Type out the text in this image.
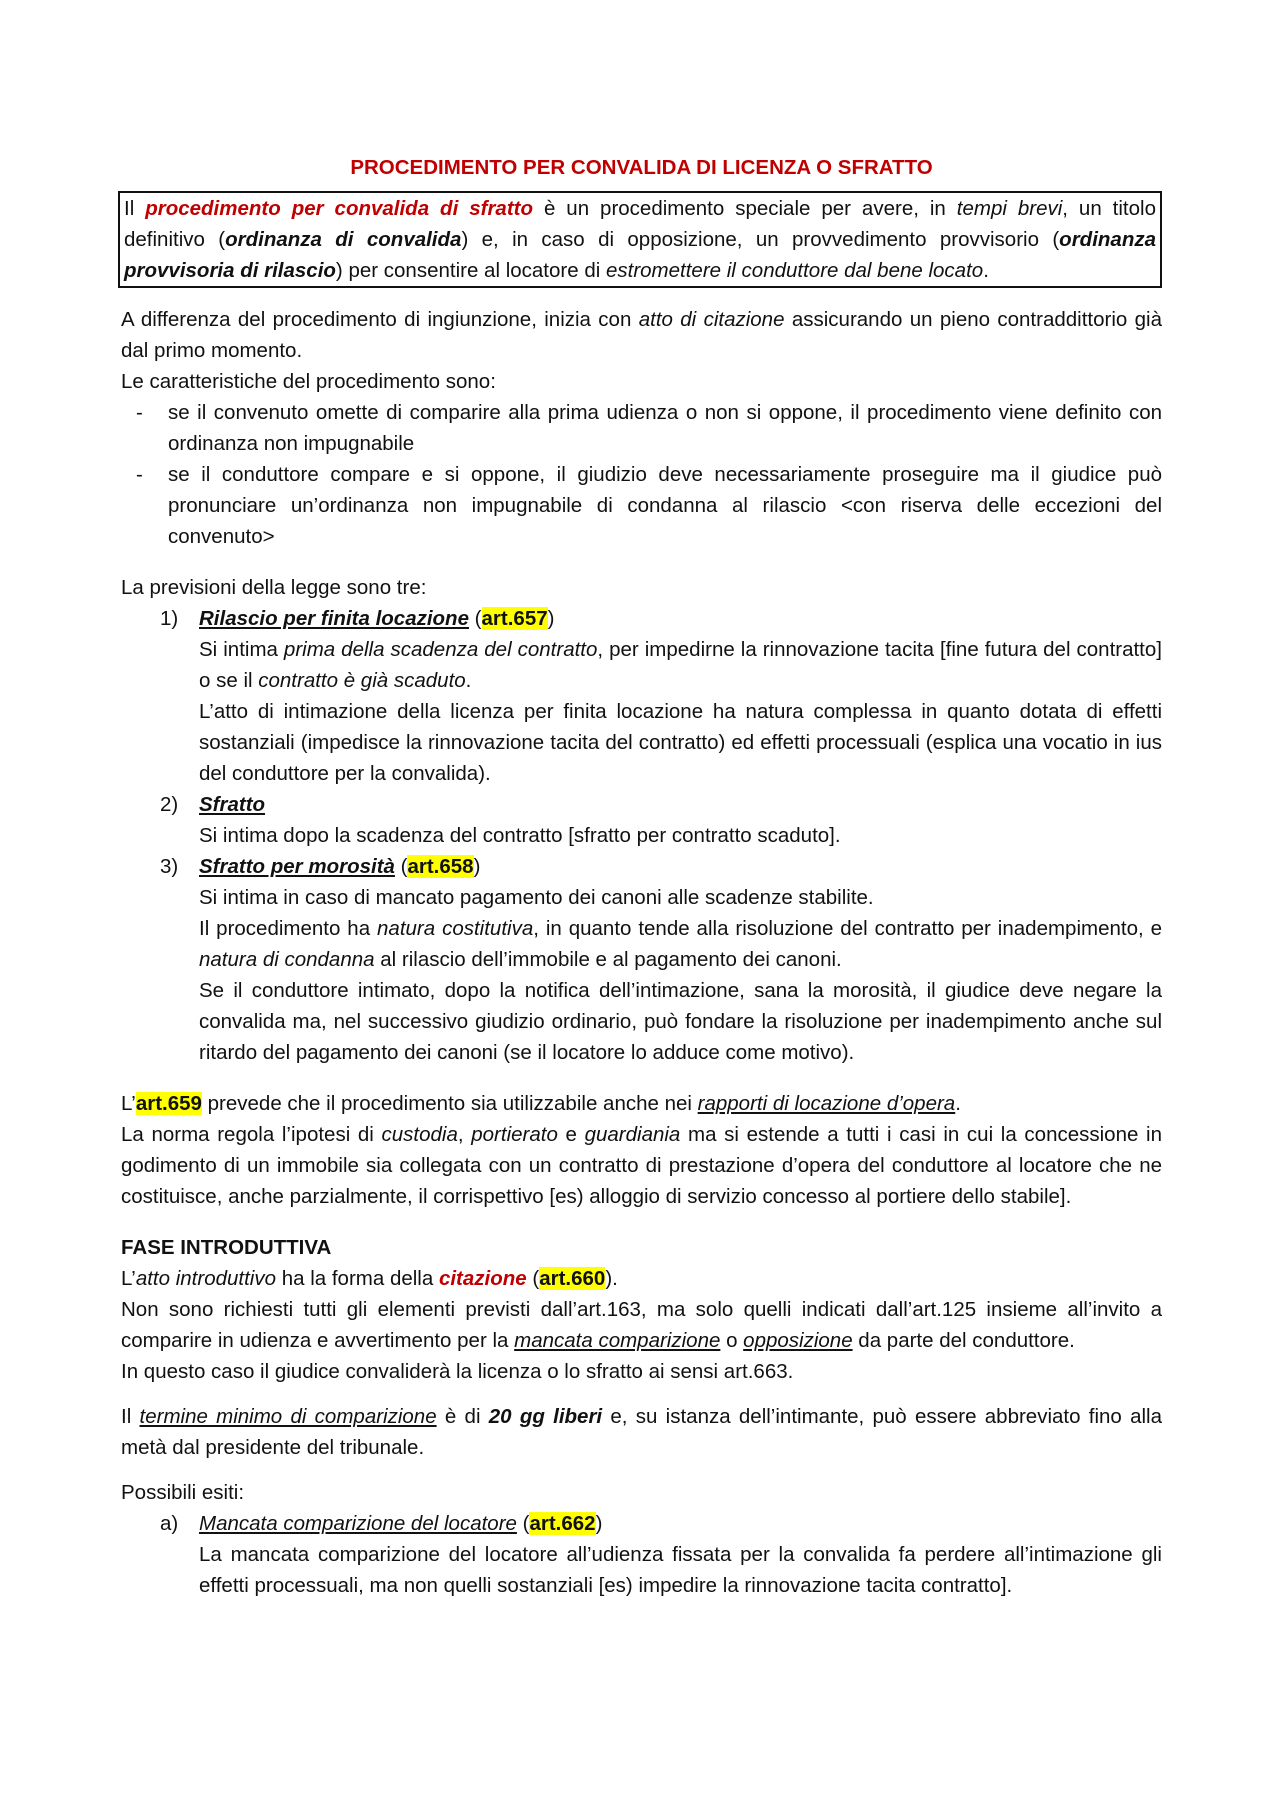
PROCEDIMENTO PER CONVALIDA DI LICENZA O SFRATTO
Il procedimento per convalida di sfratto è un procedimento speciale per avere, in tempi brevi, un titolo definitivo (ordinanza di convalida) e, in caso di opposizione, un provvedimento provvisorio (ordinanza provvisoria di rilascio) per consentire al locatore di estromettere il conduttore dal bene locato.

A differenza del procedimento di ingiunzione, inizia con atto di citazione assicurando un pieno contraddittorio già dal primo momento.

Le caratteristiche del procedimento sono:

-	se il convenuto omette di comparire alla prima udienza o non si oppone, il procedimento viene definito con ordinanza non impugnabile
-	se il conduttore compare e si oppone, il giudizio deve necessariamente proseguire ma il giudice può pronunciare un’ordinanza non impugnabile di condanna al rilascio <con riserva delle eccezioni del convenuto>

La previsioni della legge sono tre:

1)	Rilascio per finita locazione (art.657)
Si intima prima della scadenza del contratto, per impedirne la rinnovazione tacita [fine futura del contratto] o se il contratto è già scaduto.
L’atto di intimazione della licenza per finita locazione ha natura complessa in quanto dotata di effetti sostanziali (impedisce la rinnovazione tacita del contratto) ed effetti processuali (esplica una vocatio in ius del conduttore per la convalida).
2)	Sfratto
Si intima dopo la scadenza del contratto [sfratto per contratto scaduto].
3)	Sfratto per morosità (art.658)
Si intima in caso di mancato pagamento dei canoni alle scadenze stabilite.
Il procedimento ha natura costitutiva, in quanto tende alla risoluzione del contratto per inadempimento, e natura di condanna al rilascio dell’immobile e al pagamento dei canoni.
Se il conduttore intimato, dopo la notifica dell’intimazione, sana la morosità, il giudice deve negare la convalida ma, nel successivo giudizio ordinario, può fondare la risoluzione per inadempimento anche sul ritardo del pagamento dei canoni (se il locatore lo adduce come motivo).

L’art.659 prevede che il procedimento sia utilizzabile anche nei rapporti di locazione d’opera.

La norma regola l’ipotesi di custodia, portierato e guardiania ma si estende a tutti i casi in cui la concessione in godimento di un immobile sia collegata con un contratto di prestazione d’opera del conduttore al locatore che ne costituisce, anche parzialmente, il corrispettivo [es) alloggio di servizio concesso al portiere dello stabile].

FASE INTRODUTTIVA

L’atto introduttivo ha la forma della citazione (art.660).

Non sono richiesti tutti gli elementi previsti dall’art.163, ma solo quelli indicati dall’art.125 insieme all’invito a comparire in udienza e avvertimento per la mancata comparizione o opposizione da parte del conduttore.

In questo caso il giudice convaliderà la licenza o lo sfratto ai sensi art.663.

Il termine minimo di comparizione è di 20 gg liberi e, su istanza dell’intimante, può essere abbreviato fino alla metà dal presidente del tribunale.

Possibili esiti:

a)	Mancata comparizione del locatore (art.662)
La mancata comparizione del locatore all’udienza fissata per la convalida fa perdere all’intimazione gli effetti processuali, ma non quelli sostanziali [es) impedire la rinnovazione tacita contratto].
